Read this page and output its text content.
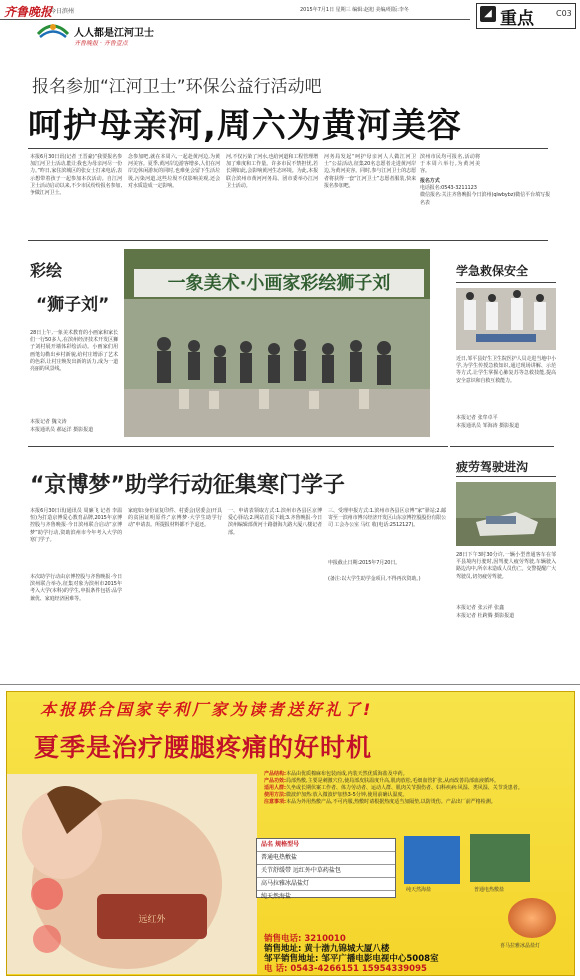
齐鲁晚报
今日滨州	2015年7月1日 星期三 编辑:赵旭 美编/组版:李冬	◢ 重点	C03
人人都是江河卫士
齐鲁晚报 · 齐鲁壹点
报名参加“江河卫士”环保公益行活动吧
呵护母亲河,周六为黄河美容
本报6月30日讯(记者 王晋豪)“我要报名参加江河卫士活动,能让我也为母亲河尽一份力。”昨日,家住滨城区的张女士打来电话,表示想带着孩子一起参加本次活动。自江河卫士活动启动以来,不少市民纷纷报名参加,争做江河卫士。
念参加吧,就在本周六,一起赴黄河边,为黄河美容。夏季,黄河岸边游客增多,人们在河岸边休闲游玩的同时,也难免会留下生活垃圾,污染河道,这些垃圾不仅影响美观,还会对水质造成一定影响。
河,不仅污染了河水,也给河道和工程管理增加了难度和工作量。许多市民不禁担忧,若长期如此,会影响黄河生态环境。为此,本报联合滨州市黄河河务局、团市委举办江河卫士活动。
河务局发起“呵护母亲河人人做江河卫士”公益活动,征集20名志愿者走进黄河岸边,为黄河美容。同时,参与江河卫士的志愿者将获得一套“江河卫士”志愿者服装,快来报名参加吧。
滨州市民均可报名,活动将于本周六举行,为黄河美容。
报名方式
电话报名:0543-3211123
微信报名:关注齐鲁晚报今日滨州(qlwbybz)微信平台填写报名表
彩绘
“狮子刘”
28日上午,一象美术教育的小画家和家长们一行50多人,在滨州经济技术开发区狮子刘村展开墙体彩绘活动。小画家们用画笔勾勒出乡村新貌,给村庄增添了艺术的色彩,让村庄焕发出新的活力,成为一道亮丽的风景线。
本报记者 魏文涛
本报通讯员 郝运洋 摄影报道
一象美术·小画家彩绘狮子刘
学急救保安全
近日,邹平县好生卫生院医护人员走进当地中小学,为学生传授急救知识,通过现场讲解、示范等方式,让学生掌握心肺复苏等急救技能,提高安全意识和自救互救能力。
本报记者 张牟卓平
本报通讯员 邹海涛 摄影报道
疲劳驾驶进沟
28日下午3时30分许,一辆小型普通客车在邹平县境内行驶时,因驾驶人疲劳驾驶,车辆驶入路边沟中,所幸未造成人员伤亡。交警提醒广大驾驶员,切勿疲劳驾驶。
本报记者 张云祥 张鑫
本报记者 杜跨腾 摄影报道
“京博梦”助学行动征集寒门学子
本报6月30日讯(通讯员 周廉飞 记者 李温恒)为打造京博爱心教育品牌,2015年京博控股与齐鲁晚报·今日滨州联合启动“京博梦”助学行动,资助滨州市今年考入大学的寒门学子。
本次助学行动由京博控股与齐鲁晚报·今日滨州联合举办,征集对象为滨州市2015年考入大学(本科)的学生,申报条件包括:品学兼优、家庭经济困难等。
家庭如:身份证复印件、村委会(居委会)开具的贫困证明原件;“京博梦·大学生助学行动”申请表。所提报材料都不予退还。
一、申请表领取方式:1.滨州市各县区京博爱心驿站;2.网站首页下载;3.齐鲁晚报·今日滨州编辑部黄河十路渤海九路大厦八楼记者部。
三、受理申报方式:1.滨州市各县区京博“家”驿站;2.邮寄至一滨州市博兴经济开发区山东京博控股股份有限公司 工会办公室 马红 收(电话:2512127)。
申报截止日期:2015年7月20日。
(备注:以大学生助学金项目,不得再次资助。)
远红外
本报联合国家专利厂家为读者送好礼了!
夏季是治疗腰腿疼痛的好时机
产品结构:本品由优质棉麻布包装而成,内装天然优质海盐及中药。
产品功效:局部热敷,主要是刺激穴位,使局部皮肤温度升高,肌肉放松,毛细血管扩张,从而改善局部血液循环。
适用人群:久坐或长期伏案工作者、体力劳动者、运动人群、肌肉关节损伤者、妇科疾病:风湿、类风湿、关节炎患者。
使用方法:微波炉加热:放入微波炉加热3-5分钟,使用前确认温度。
注意事项:本品为外用热敷产品,不可内服,热敷时请根据热度适当加隔垫,以防烫伤。产品出厂前严格检测。
品名 规格型号
普通电热敷盐
关节舒缓带 远红外中草药盐包
高马拉雅冰晶盐灯
纯天然海盐
纯天然海盐	普通电热敷盐
喜马拉雅冰晶盐灯
销售电话: 3210010
销售地址: 黄十渤九锦城大厦八楼
邹平销售地址: 邹平广播电影电视中心5008室
电 话: 0543-4266151 15954339095
